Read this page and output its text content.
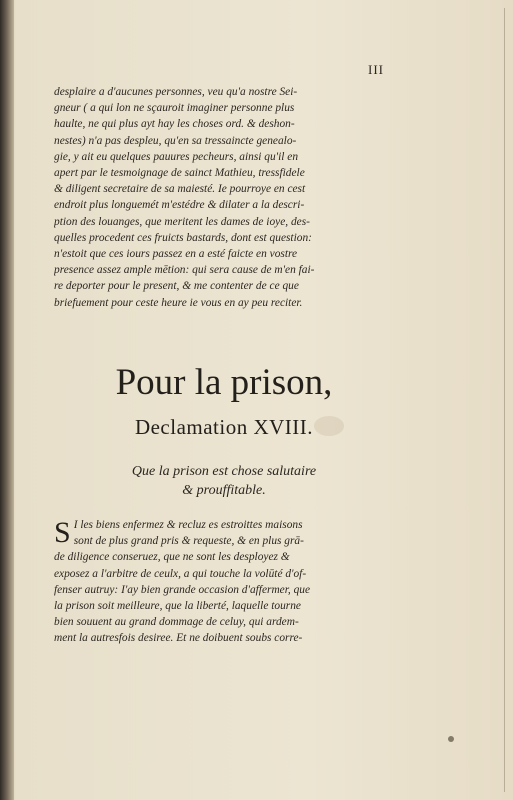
III
desplaire a d'aucunes personnes, veu qu'a nostre Sei-
gneur ( a qui lon ne sçauroit imaginer personne plus
haulte, ne qui plus ayt hay les choses ord. & deshon-
nestes) n'a pas despleu, qu'en sa tressaincte genealo-
gie, y ait eu quelques pauures pecheurs, ainsi qu'il en
apert par le tesmoignage de sainct Mathieu, tressfidele
& diligent secretaire de sa maiesté. Ie pourroye en cest
endroit plus longuemét m'estédre & dilater a la descri-
ption des louanges, que meritent les dames de ioye, des-
quelles procedent ces fruicts bastards, dont est question:
n'estoit que ces iours passez en a esté faicte en vostre
presence assez ample mētion: qui sera cause de m'en fai-
re deporter pour le present, & me contenter de ce que
briefuement pour ceste heure ie vous en ay peu reciter.
Pour la prison,
Declamation XVIII.
Que la prison est chose salutaire
& prouffitable.
S I les biens enfermez & recluz es estroittes maisons
sont de plus grand pris & requeste, & en plus grā-
de diligence conseruez, que ne sont les desployez &
exposez a l'arbitre de ceulx, a qui touche la volūté d'of-
fenser autruy: I'ay bien grande occasion d'affermer, que
la prison soit meilleure, que la liberté, laquelle tourne
bien souuent au grand dommage de celuy, qui ardem-
ment la autresfois desiree. Et ne doibuent soubs corre-
